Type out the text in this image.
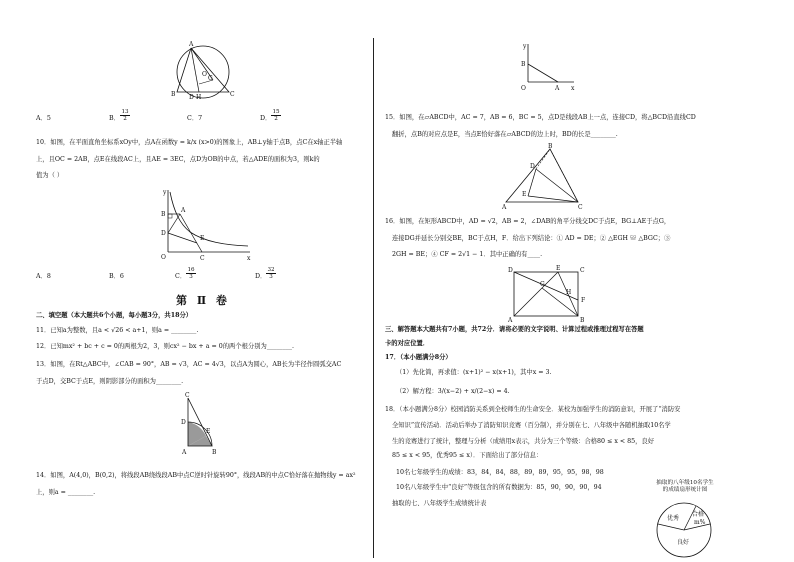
A
B	C
O
H
G
D
A．5	B． $\frac{13}{2}$	C．7	D． $\frac{15}{2}$
10．如图，在平面直角坐标系xOy中，点A在函数y = k/x (x>0)的图象上，AB⊥y轴于点B，点C在x轴正半轴
上，且OC = 2AB，点E在线段AC上，且AE = 3EC，点D为OB的中点，若△ADE的面积为3，则k的
值为（ ）
y
x
O
B
A
D
E
C
A．8	B．6	C． $\frac{16}{3}$	D． $\frac{32}{3}$
第 Ⅱ 卷
二、填空题（本大题共6个小题，每小题3分，共18分）
11．已知a为整数，且a < √26 < a+1，则a = ________.
12．已知mx² + bc + c = 0的两根为2，3，则cx² − bx + a = 0的两个根分别为________.
13．如图，在Rt△ABC中，∠CAB = 90°，AB = √3，AC = 4√3，以点A为圆心，AB长为半径作圆弧交AC
于点D，交BC于点E，则阴影部分的面积为________.
C
D
E
A	B
14．如图，A(4,0)，B(0,2)，将线段AB绕线段AB中点C逆时针旋转90°，线段AB的中点C恰好落在抛物线y = ax²
上，则a = ________.
y
B
O	A x
15．如图，在▱ABCD中，AC = 7，AB = 6，BC = 5，点D是线段AB上一点，连接CD，将△BCD沿直线CD
翻折，点B的对应点是E，当点E恰好落在▱ABCD的边上时，BD的长是________.
B
D
E
A	C
16．如图，在矩形ABCD中，AD = √2，AB = 2，∠DAB的角平分线交DC于点E，BG⊥AE于点G，
连接DG并延长分别交BE，BC于点H，F．给出下列结论：① AD = DE；② △EGH ≌ △BGC；③
2GH = BE；④ CF = 2√1 − 1．其中正确的有____.
D	E	C
G
H
F
A	B
三、解答题本大题共有7小题，共72分．请将必要的文字说明、计算过程或推理过程写在答题
卡的对应位置．
17．（本小题满分8分）
（1）先化简，再求值：(x+1)² − x(x+1)，其中x = 3.
（2）解方程：3/(x−2) + x/(2−x) = 4.
18．（本小题满分8分）校园消防关系到全校师生的生命安全．某校为加强学生的消防意识，开展了“消防安
全知识”宣传活动．活动后举办了消防知识竞赛（百分制），并分别在七、八年级中各随机抽取10名学
生的竞赛进行了统计，整理与分析（成绩用x表示，共分为三个等级：合格80 ≤ x < 85，良好
85 ≤ x < 95，优秀95 ≤ x）．下面给出了部分信息：
10名七年级学生的成绩：83，84，84，88，89，89，95，95，98，98
10名八年级学生中“良好”等级包含的所有数据为：85，90，90，90，94
抽取的七、八年级学生成绩统计表
抽取的八年级10名学生
的成绩扇形统计图
优秀
合格
m%
良好
